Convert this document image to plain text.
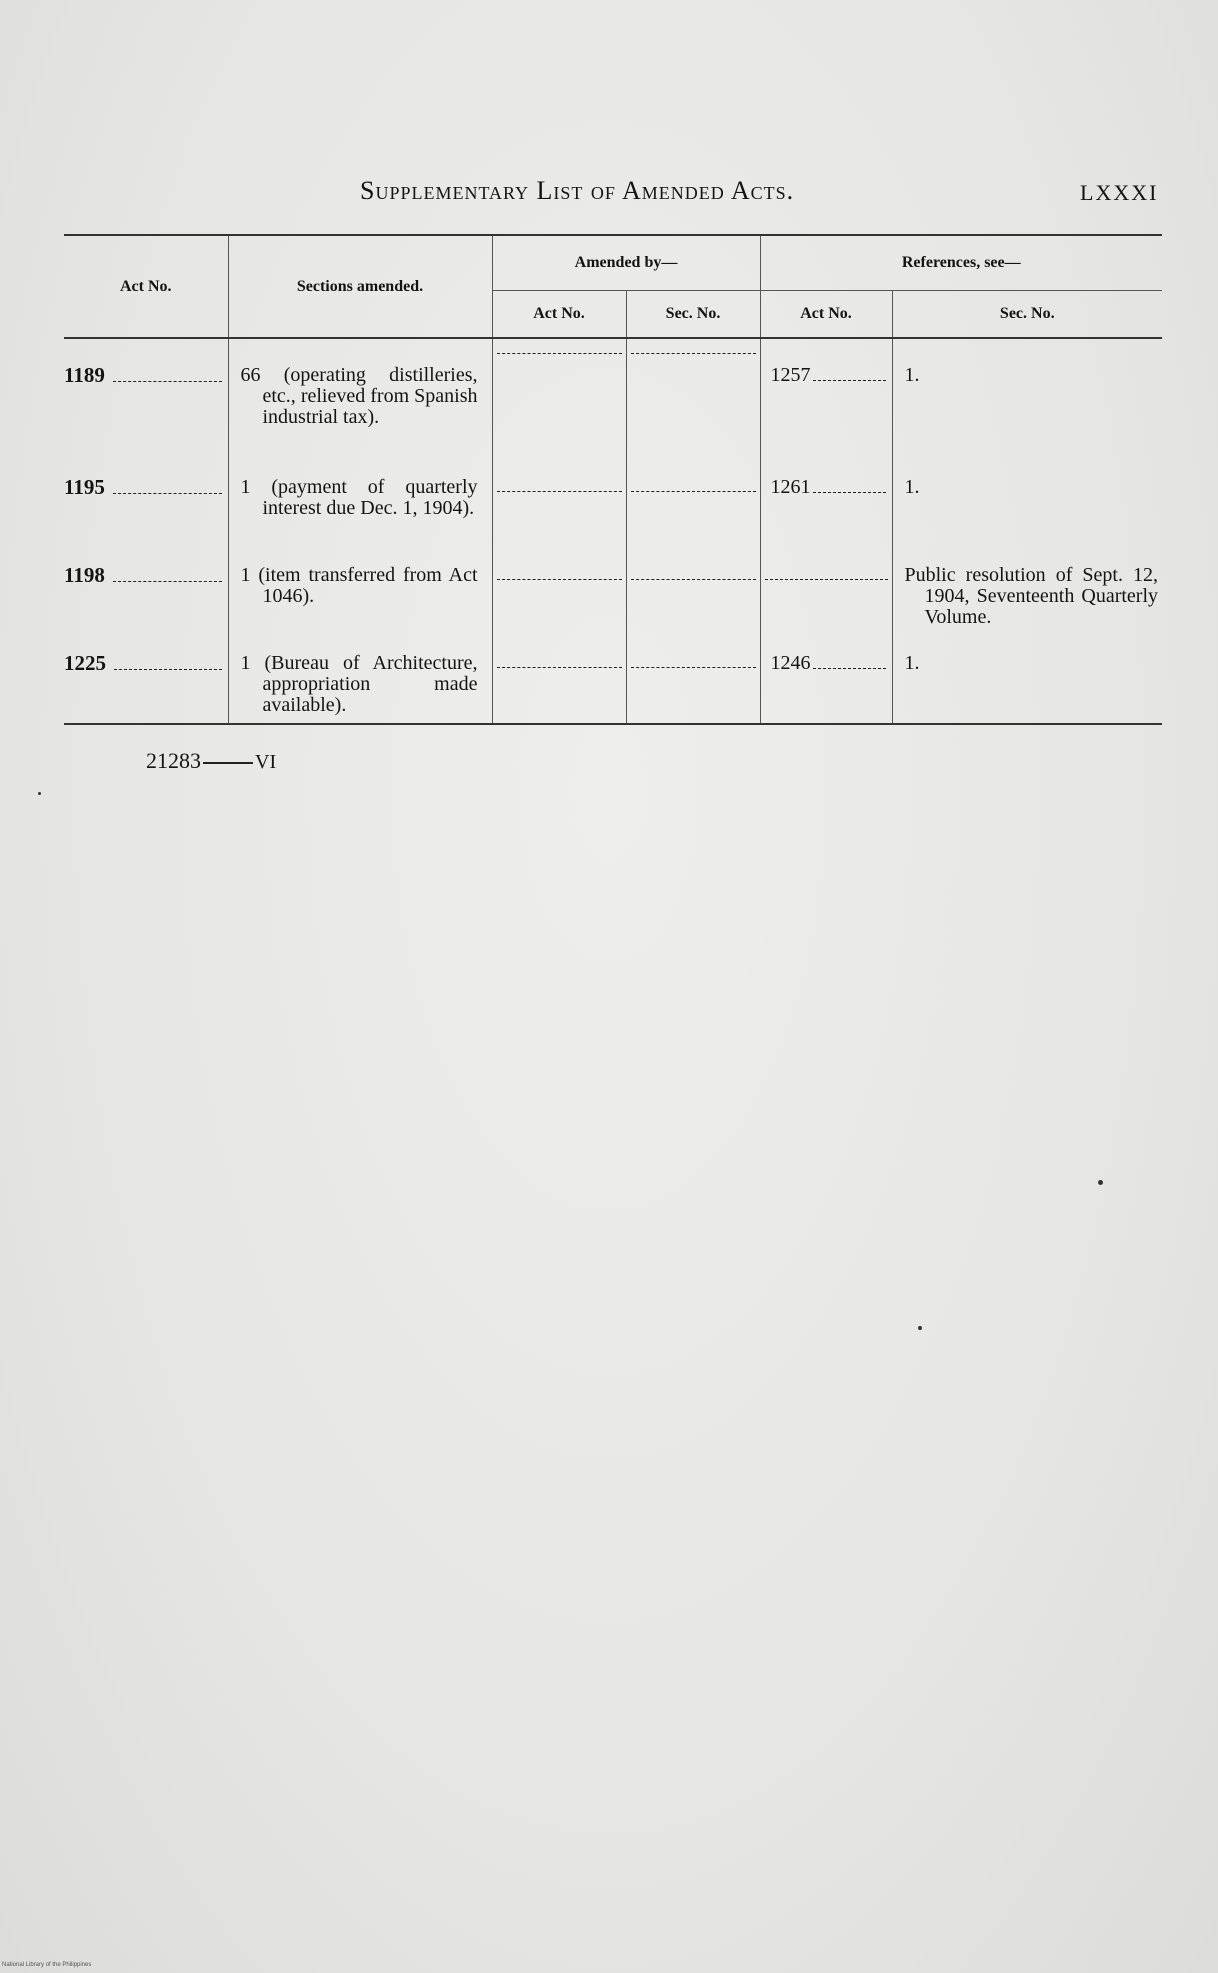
Supplementary List of Amended Acts.	LXXXI
Act No.	Sections amended.	Amended by—		References, see—	
		Act No.	Sec. No.	Act No.	Sec. No.

1189	66 (operating distilleries, etc., relieved from Spanish industrial tax).			1257	1.

1195	1 (payment of quarterly interest due Dec. 1, 1904).			1261	1.

1198	1 (item transferred from Act 1046).				Public resolution of Sept. 12, 1904, Seventeenth Quarterly Volume.

1225	1 (Bureau of Architecture, appropriation made available).			1246	1.
21283	VI
National Library of the Philippines
